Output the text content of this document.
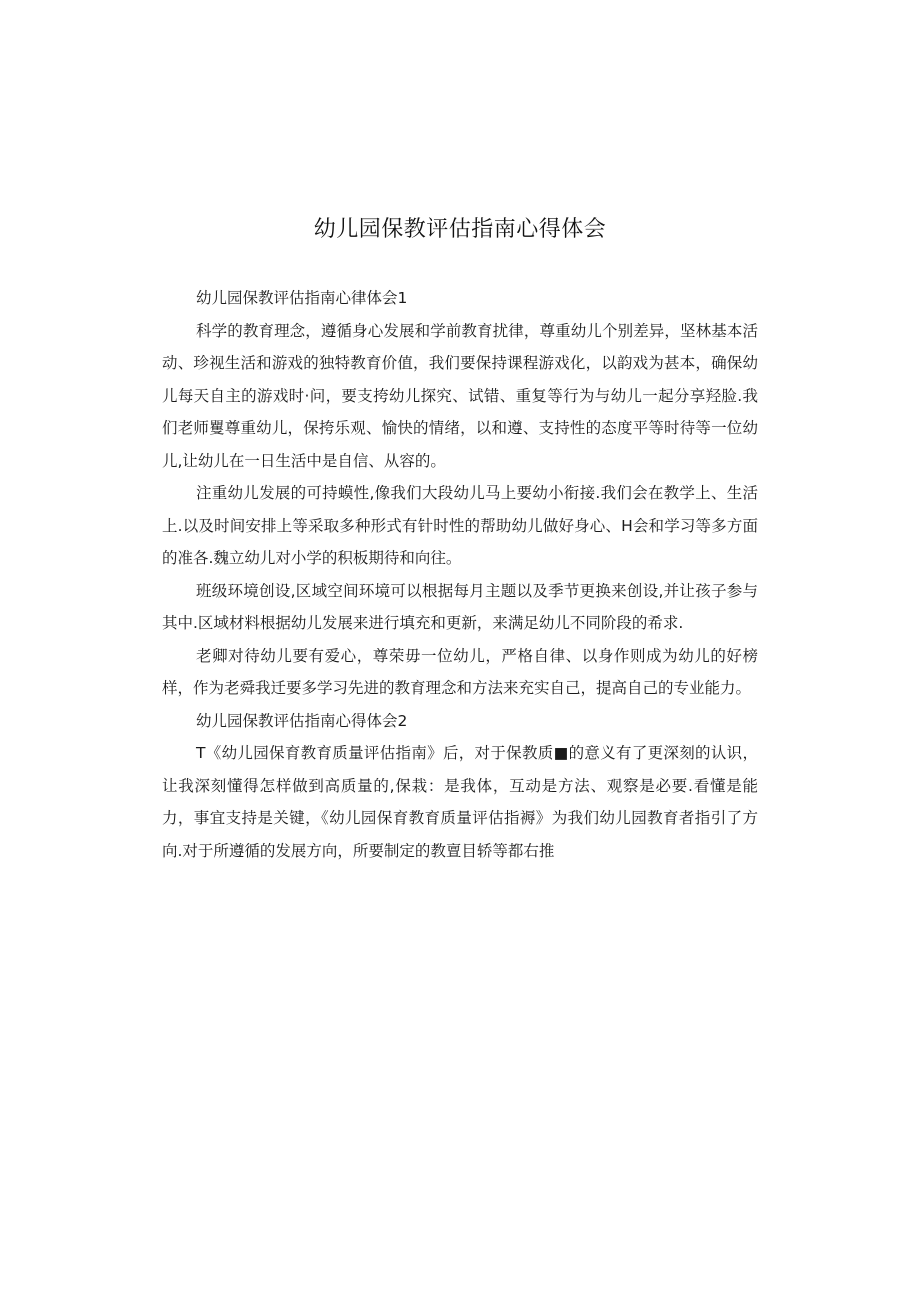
幼儿园保教评估指南心得体会

幼儿园保教评估指南心律体会1

科学的教育理念，遵循身心发展和学前教育扰律，尊重幼儿个别差异，坚林基本活动、珍视生活和游戏的独特教育价值，我们要保持课程游戏化，以韵戏为甚本，确保幼儿每天自主的游戏时·问，要支挎幼儿探究、试错、重复等行为与幼儿一起分享羟脸.我们老师矍尊重幼儿，保挎乐观、愉快的情绪，以和遵、支持性的态度平等时待等一位幼儿,让幼儿在一日生活中是自信、从容的。

注重幼儿发展的可持蟆性,像我们大段幼儿马上要幼小衔接.我们会在教学上、生活上.以及时间安排上等采取多种形式有针时性的帮助幼儿做好身心、H会和学习等多方面的准各.魏立幼儿对小学的积板期待和向往。

班级环境创设,区域空间环境可以根据每月主题以及季节更换来创设,并让孩子参与其中.区域材料根据幼儿发展来进行填充和更新，来满足幼儿不同阶段的希求.

老卿对待幼儿要有爱心，尊荣毋一位幼儿，严格自律、以身作则成为幼儿的好榜样，作为老舜我迁要多学习先进的教育理念和方法来充实自己，提高自己的专业能力。

幼儿园保教评估指南心得体会2

T《幼儿园保育教育质量评估指南》后，对于保教质■的意义有了更深刻的认识，让我深刻懂得怎样做到高质量的,保栽：是我体，互动是方法、观察是必要.看懂是能力，事宜支持是关键，《幼儿园保育教育质量评估指褥》为我们幼儿园教育者指引了方向.对于所遵循的发展方向，所要制定的教亶目轿等都右推
